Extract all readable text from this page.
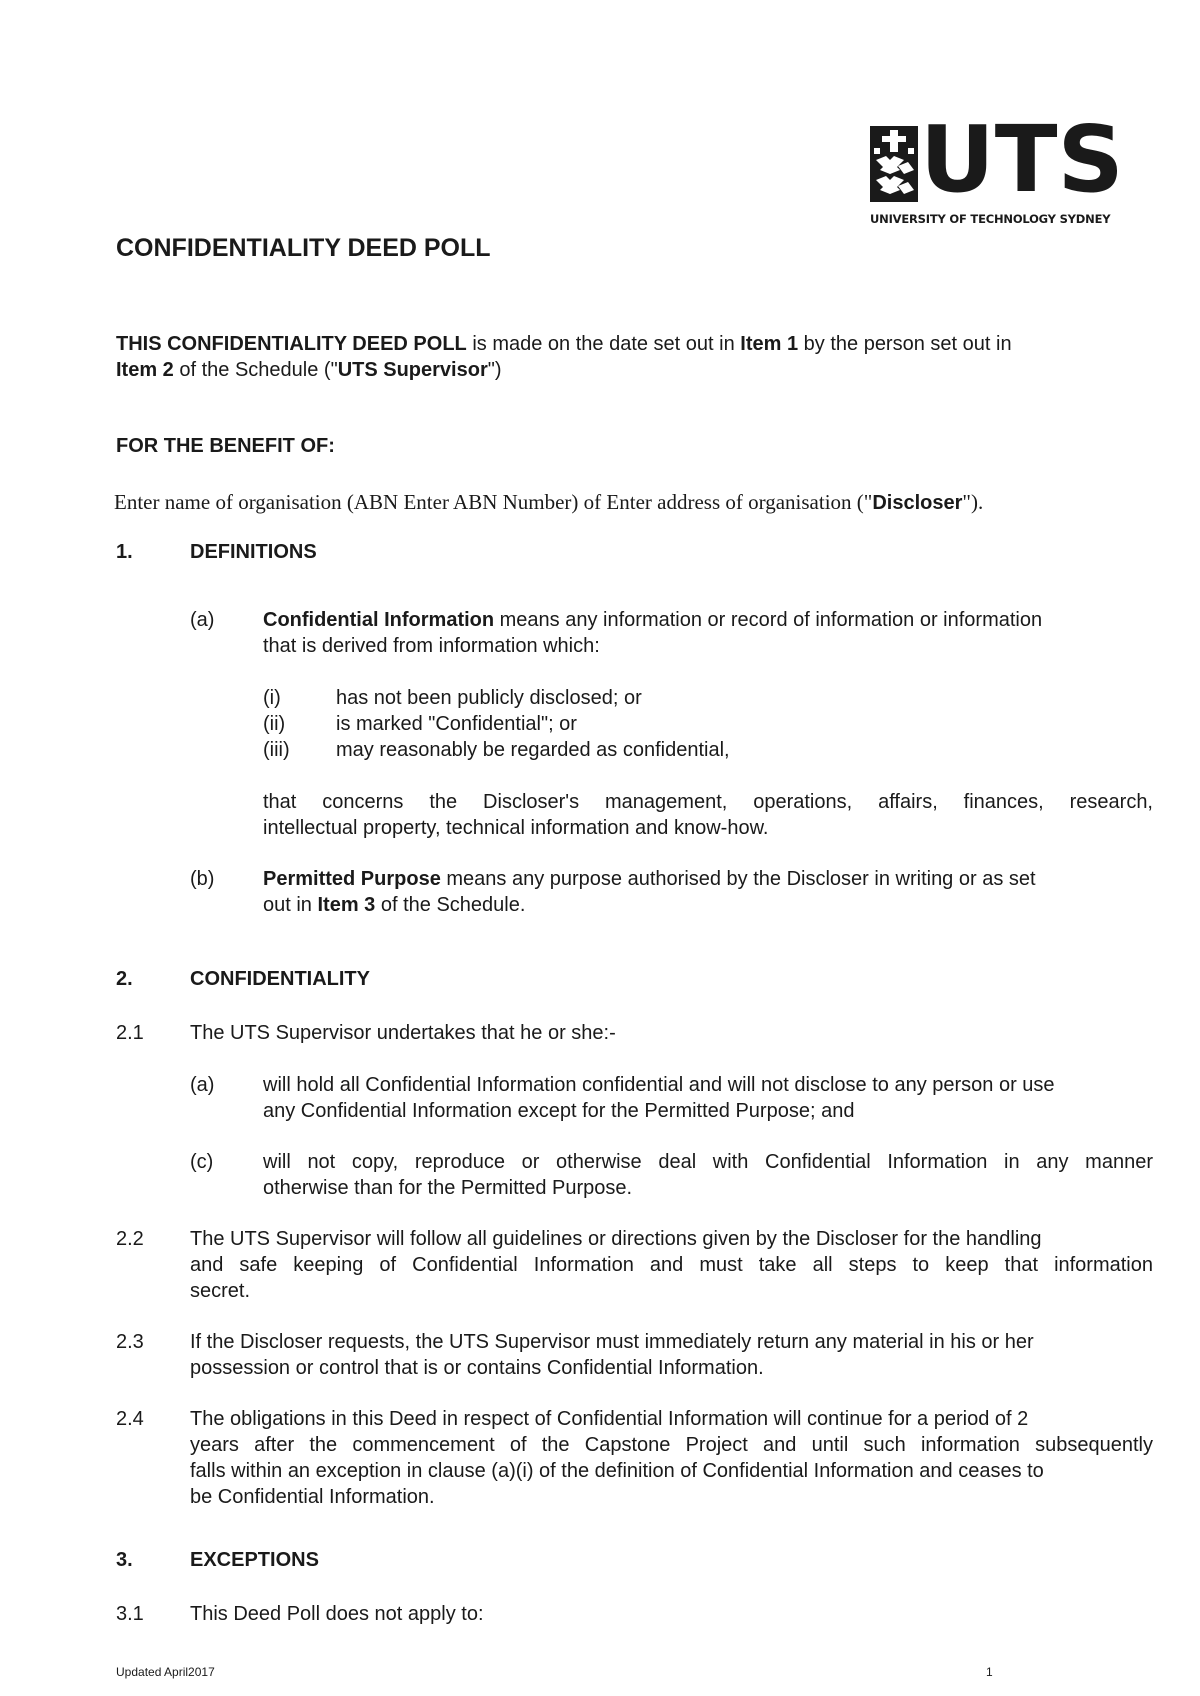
UTS
UNIVERSITY OF TECHNOLOGY SYDNEY
CONFIDENTIALITY DEED POLL
THIS CONFIDENTIALITY DEED POLL is made on the date set out in Item 1 by the person set out in
Item 2 of the Schedule ("UTS Supervisor")
FOR THE BENEFIT OF:
Enter name of organisation (ABN Enter ABN Number) of Enter address of organisation ("Discloser").
1.	DEFINITIONS
(a) Confidential Information means any information or record of information or information
that is derived from information which:
(i)	has not been publicly disclosed; or
(ii)	is marked "Confidential"; or
(iii) may reasonably be regarded as confidential,
that concerns the Discloser's management, operations, affairs, finances, research,
intellectual property, technical information and know-how.
(b) Permitted Purpose means any purpose authorised by the Discloser in writing or as set
out in Item 3 of the Schedule.
2.	CONFIDENTIALITY
2.1 The UTS Supervisor undertakes that he or she:-
(a) will hold all Confidential Information confidential and will not disclose to any person or use
any Confidential Information except for the Permitted Purpose; and
(c) will not copy, reproduce or otherwise deal with Confidential Information in any manner
otherwise than for the Permitted Purpose.
2.2 The UTS Supervisor will follow all guidelines or directions given by the Discloser for the handling
and safe keeping of Confidential Information and must take all steps to keep that information
secret.
2.3 If the Discloser requests, the UTS Supervisor must immediately return any material in his or her
possession or control that is or contains Confidential Information.
2.4 The obligations in this Deed in respect of Confidential Information will continue for a period of 2
years after the commencement of the Capstone Project and until such information subsequently
falls within an exception in clause (a)(i) of the definition of Confidential Information and ceases to
be Confidential Information.
3.	EXCEPTIONS
3.1 This Deed Poll does not apply to:
Updated April2017	1
